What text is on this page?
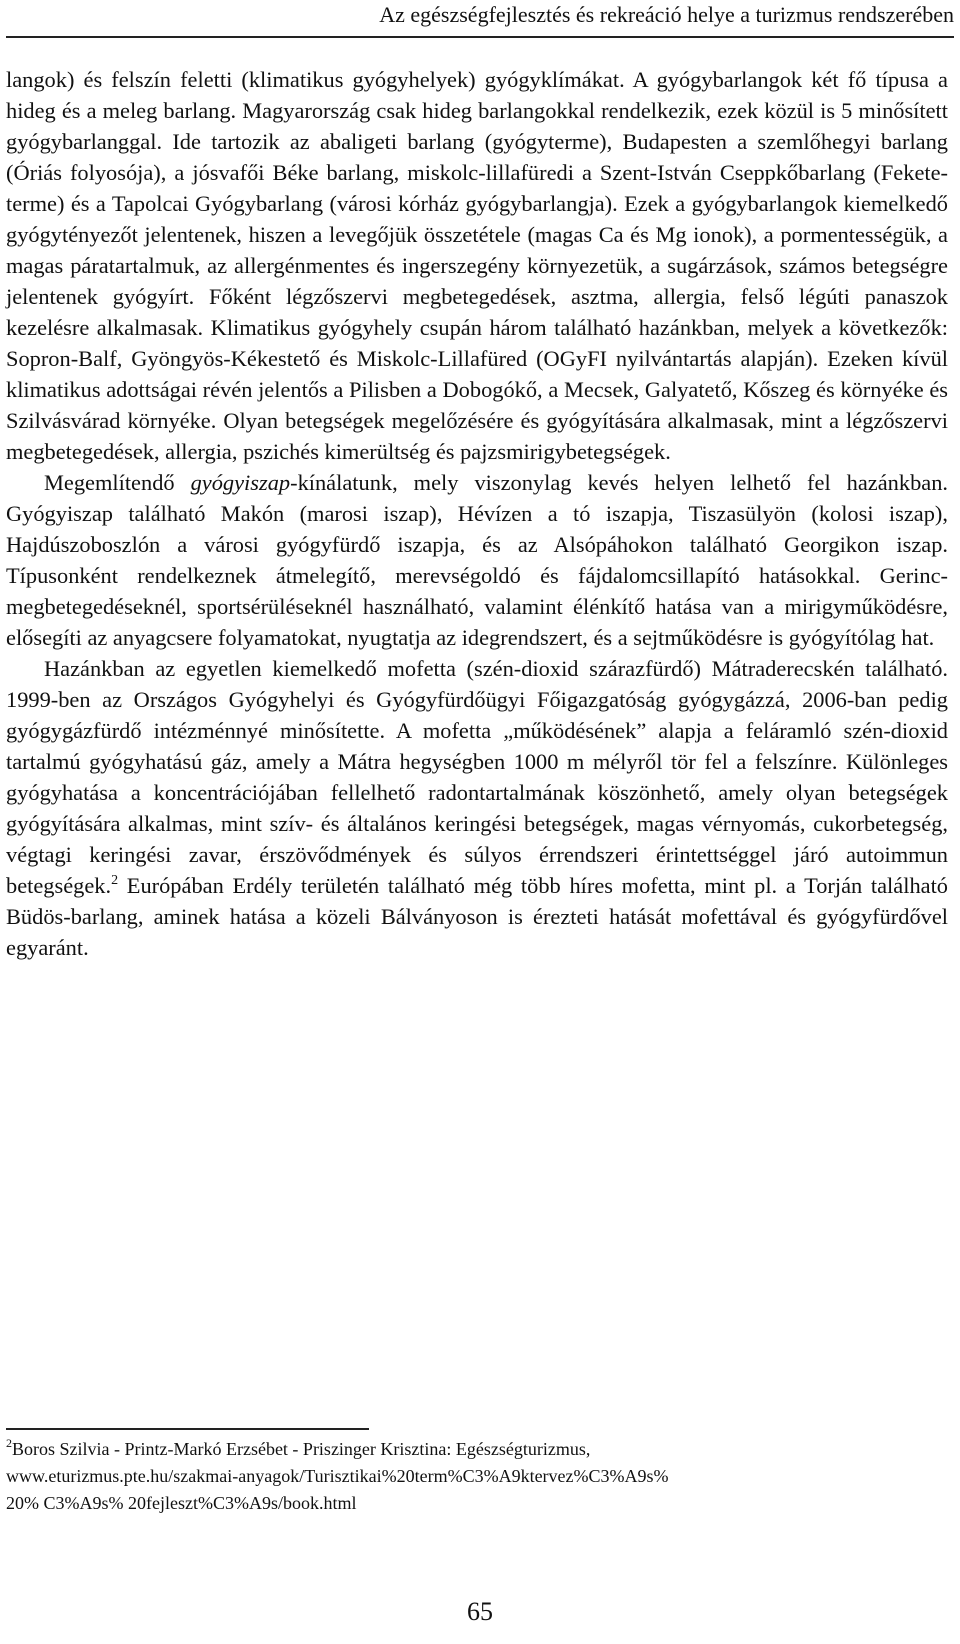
Az egészségfejlesztés és rekreáció helye a turizmus rendszerében

langok) és felszín feletti (klimatikus gyógyhelyek) gyógyklímákat. A gyógybarlangok két fő típusa a hideg és a meleg barlang. Magyarország csak hideg barlangokkal rendelkezik, ezek közül is 5 minősített gyógybarlanggal. Ide tartozik az abaligeti barlang (gyógyterme), Budapesten a szemlőhegyi barlang (Óriás folyosója), a jósvafői Béke barlang, miskolc-lillafüredi a Szent-István Cseppkőbarlang (Fekete-terme) és a Tapolcai Gyógybarlang (városi kórház gyógybarlangja). Ezek a gyógybarlangok kiemelkedő gyógytényezőt jelentenek, hiszen a levegőjük összetétele (magas Ca és Mg ionok), a pormentességük, a magas páratartalmuk, az allergénmentes és ingerszegény környezetük, a sugárzások, számos betegségre jelentenek gyógyírt. Főként légzőszervi megbetegedések, asztma, allergia, felső légúti panaszok kezelésre alkalmasak. Klimatikus gyógyhely csupán három található hazánkban, melyek a következők: Sopron-Balf, Gyöngyös-Kékestető és Miskolc-Lillafüred (OGyFI nyilvántartás alapján). Ezeken kívül klimatikus adottságai révén jelentős a Pilisben a Dobogókő, a Mecsek, Galyatető, Kőszeg és környéke és Szilvásvárad környéke. Olyan betegségek megelőzésére és gyógyítására alkalmasak, mint a légzőszervi megbetegedések, allergia, pszichés kimerültség és pajzsmirigybetegségek.

Megemlítendő gyógyiszap-kínálatunk, mely viszonylag kevés helyen lelhető fel hazánkban. Gyógyiszap található Makón (marosi iszap), Hévízen a tó iszapja, Tiszasülyön (kolosi iszap), Hajdúszoboszlón a városi gyógyfürdő iszapja, és az Alsópáhokon található Georgikon iszap. Típusonként rendelkeznek átmelegítő, merevségoldó és fájdalomcsillapító hatásokkal. Gerinc-megbetegedéseknél, sportsérüléseknél használható, valamint élénkítő hatása van a mirigyműködésre, elősegíti az anyagcsere folyamatokat, nyugtatja az idegrendszert, és a sejtműködésre is gyógyítólag hat.

Hazánkban az egyetlen kiemelkedő mofetta (szén-dioxid szárazfürdő) Mátraderecskén található. 1999-ben az Országos Gyógyhelyi és Gyógyfürdőügyi Főigazgatóság gyógygázzá, 2006-ban pedig gyógygázfürdő intézménnyé minősítette. A mofetta „működésének” alapja a feláramló szén-dioxid tartalmú gyógyhatású gáz, amely a Mátra hegységben 1000 m mélyről tör fel a felszínre. Különleges gyógyhatása a koncentrációjában fellelhető radontartalmának köszönhető, amely olyan betegségek gyógyítására alkalmas, mint szív- és általános keringési betegségek, magas vérnyomás, cukorbetegség, végtagi keringési zavar, érszövődmények és súlyos érrendszeri érintettséggel járó autoimmun betegségek.$^2$ Európában Erdély területén található még több híres mofetta, mint pl. a Torján található Büdös-barlang, aminek hatása a közeli Bálványoson is érezteti hatását mofettával és gyógyfürdővel egyaránt.

$^2$Boros Szilvia - Printz-Markó Erzsébet - Priszinger Krisztina: Egészségturizmus,
www.eturizmus.pte.hu/szakmai-anyagok/Turisztikai%20term%C3%A9ktervez%C3%A9s%
20% C3%A9s% 20fejleszt%C3%A9s/book.html
65
